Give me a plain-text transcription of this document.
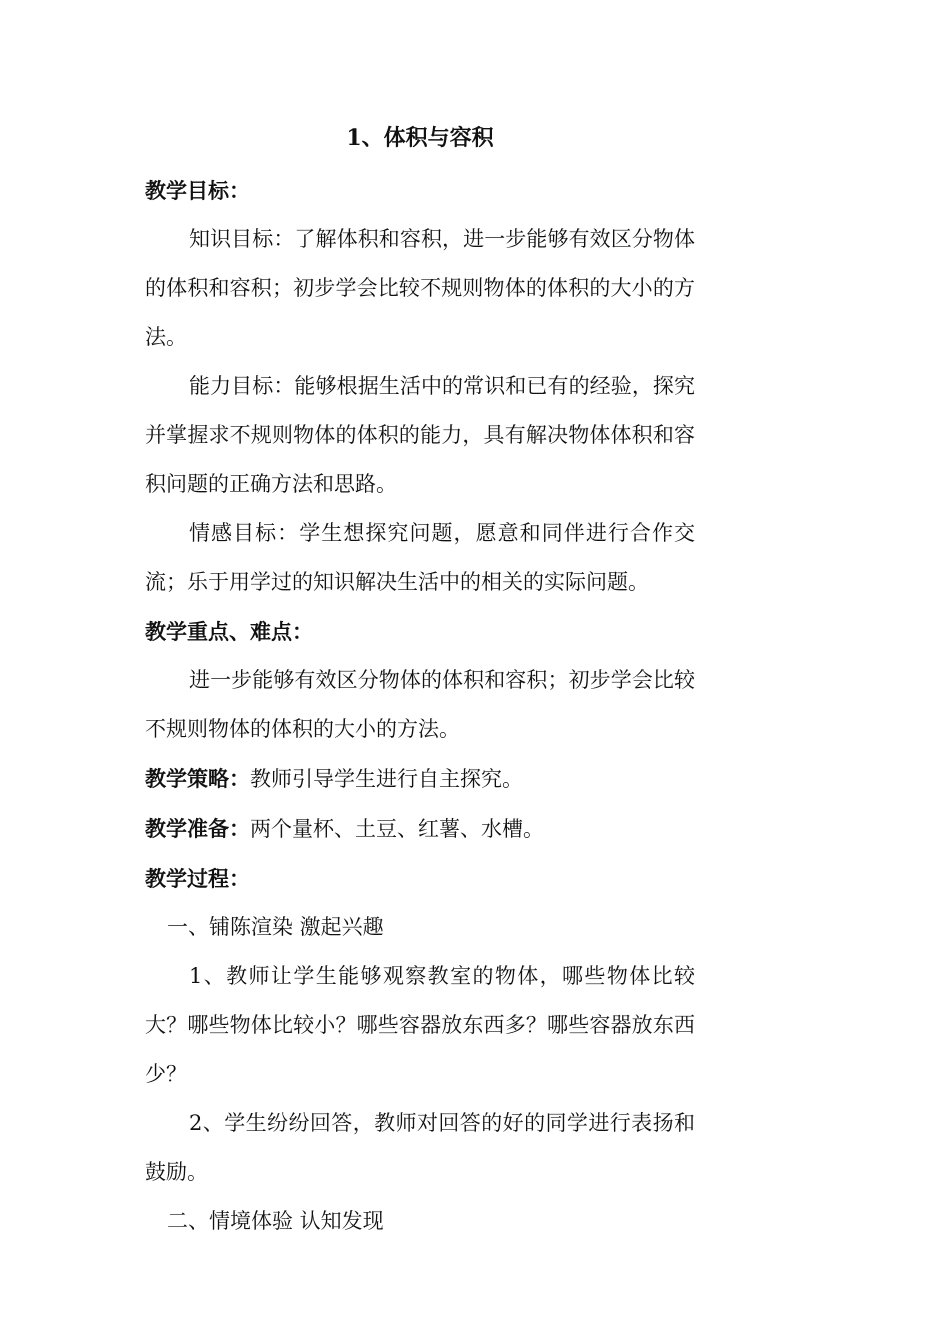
1、体积与容积

教学目标：

知识目标：了解体积和容积，进一步能够有效区分物体的体积和容积；初步学会比较不规则物体的体积的大小的方法。

能力目标：能够根据生活中的常识和已有的经验，探究并掌握求不规则物体的体积的能力，具有解决物体体积和容积问题的正确方法和思路。

情感目标：学生想探究问题，愿意和同伴进行合作交流；乐于用学过的知识解决生活中的相关的实际问题。

教学重点、难点：

进一步能够有效区分物体的体积和容积；初步学会比较不规则物体的体积的大小的方法。

教学策略：教师引导学生进行自主探究。

教学准备：两个量杯、土豆、红薯、水槽。

教学过程：

一、铺陈渲染 激起兴趣

1、教师让学生能够观察教室的物体，哪些物体比较大？哪些物体比较小？哪些容器放东西多？哪些容器放东西少？

2、学生纷纷回答，教师对回答的好的同学进行表扬和鼓励。

二、情境体验 认知发现
